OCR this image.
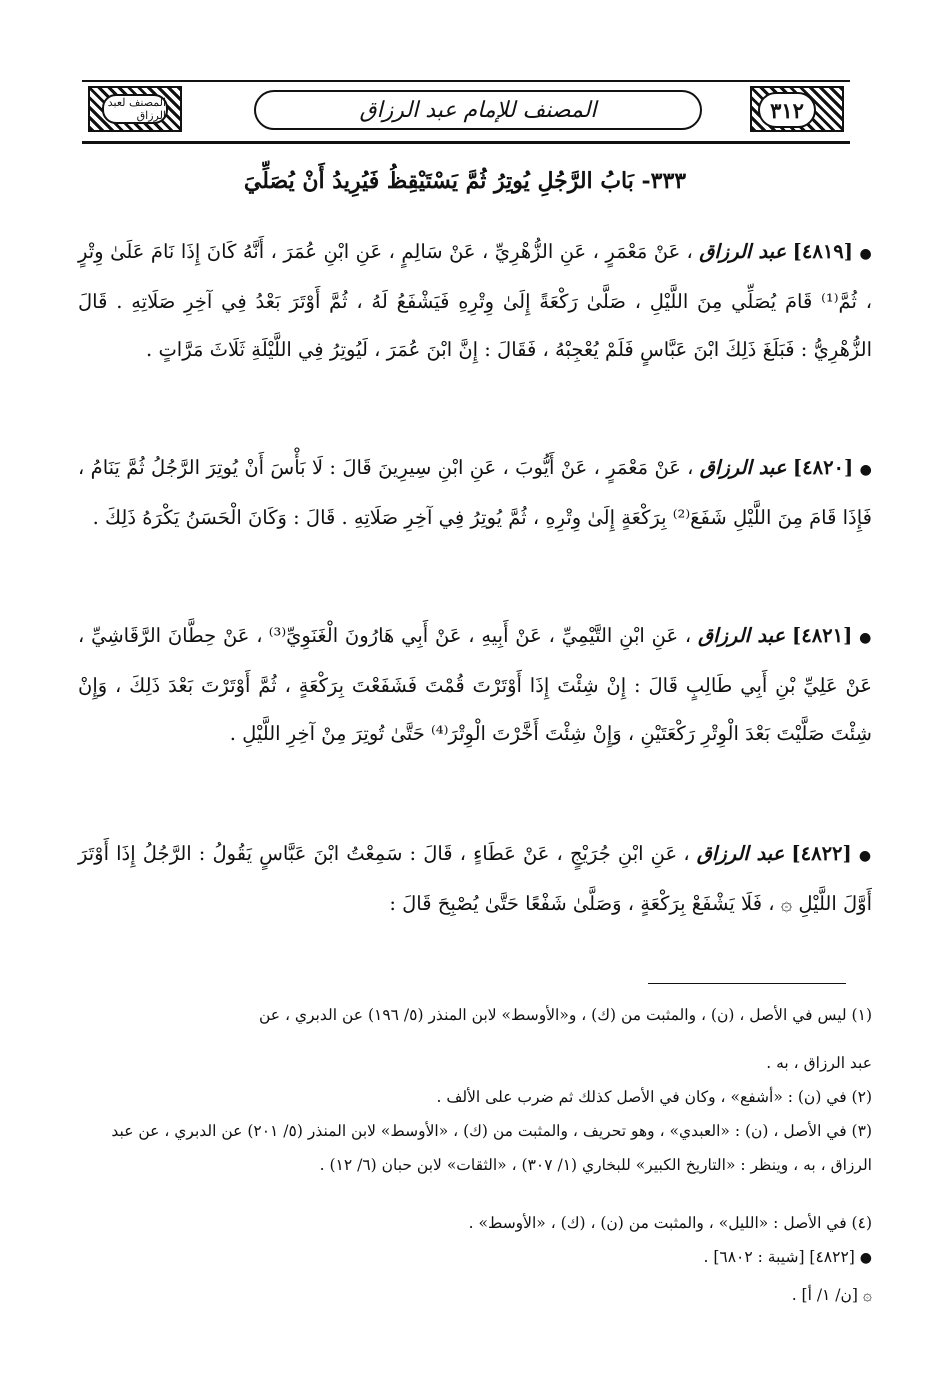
المصنف لعبد الرزاق	٣١٢
المصنف للإمام عبد الرزاق
٣٣٣- بَابُ الرَّجُلِ يُوتِرُ ثُمَّ يَسْتَيْقِظُ فَيُرِيدُ أَنْ يُصَلِّيَ
● [٤٨١٩] عبد الرزاق ، عَنْ مَعْمَرٍ ، عَنِ الزُّهْرِيِّ ، عَنْ سَالِمٍ ، عَنِ ابْنِ عُمَرَ ، أَنَّهُ كَانَ إِذَا نَامَ عَلَىٰ وِتْرٍ ، ثُمَّ⁽¹⁾ قَامَ يُصَلِّي مِنَ اللَّيْلِ ، صَلَّىٰ رَكْعَةً إِلَىٰ وِتْرِهِ فَيَشْفَعُ لَهُ ، ثُمَّ أَوْتَرَ بَعْدُ فِي آخِرِ صَلَاتِهِ . قَالَ الزُّهْرِيُّ : فَبَلَغَ ذَلِكَ ابْنَ عَبَّاسٍ فَلَمْ يُعْجِبْهُ ، فَقَالَ : إِنَّ ابْنَ عُمَرَ ، لَيُوتِرُ فِي اللَّيْلَةِ ثَلَاثَ مَرَّاتٍ .
● [٤٨٢٠] عبد الرزاق ، عَنْ مَعْمَرٍ ، عَنْ أَيُّوبَ ، عَنِ ابْنِ سِيرِينَ قَالَ : لَا بَأْسَ أَنْ يُوتِرَ الرَّجُلُ ثُمَّ يَنَامُ ، فَإِذَا قَامَ مِنَ اللَّيْلِ شَفَعَ⁽²⁾ بِرَكْعَةٍ إِلَىٰ وِتْرِهِ ، ثُمَّ يُوتِرُ فِي آخِرِ صَلَاتِهِ . قَالَ : وَكَانَ الْحَسَنُ يَكْرَهُ ذَلِكَ .
● [٤٨٢١] عبد الرزاق ، عَنِ ابْنِ التَّيْمِيِّ ، عَنْ أَبِيهِ ، عَنْ أَبِي هَارُونَ الْغَنَوِيِّ⁽³⁾ ، عَنْ حِطَّانَ الرَّقَاشِيِّ ، عَنْ عَلِيِّ بْنِ أَبِي طَالِبٍ قَالَ : إِنْ شِئْتَ إِذَا أَوْتَرْتَ قُمْتَ فَشَفَعْتَ بِرَكْعَةٍ ، ثُمَّ أَوْتَرْتَ بَعْدَ ذَلِكَ ، وَإِنْ شِئْتَ صَلَّيْتَ بَعْدَ الْوِتْرِ رَكْعَتَيْنِ ، وَإِنْ شِئْتَ أَخَّرْتَ الْوِتْرَ⁽⁴⁾ حَتَّىٰ تُوتِرَ مِنْ آخِرِ اللَّيْلِ .
● [٤٨٢٢] عبد الرزاق ، عَنِ ابْنِ جُرَيْجٍ ، عَنْ عَطَاءٍ ، قَالَ : سَمِعْتُ ابْنَ عَبَّاسٍ يَقُولُ : الرَّجُلُ إِذَا أَوْتَرَ أَوَّلَ اللَّيْلِ ۞ ، فَلَا يَشْفَعْ بِرَكْعَةٍ ، وَصَلَّىٰ شَفْعًا حَتَّىٰ يُصْبِحَ قَالَ :
(١) ليس في الأصل ، (ن) ، والمثبت من (ك) ، و«الأوسط» لابن المنذر (٥/ ١٩٦) عن الدبري ، عن
عبد الرزاق ، به .
(٢) في (ن) : «أشفع» ، وكان في الأصل كذلك ثم ضرب على الألف .
(٣) في الأصل ، (ن) : «العبدي» ، وهو تحريف ، والمثبت من (ك) ، «الأوسط» لابن المنذر (٥/ ٢٠١) عن الدبري ، عن عبد الرزاق ، به ، وينظر : «التاريخ الكبير» للبخاري (١/ ٣٠٧) ، «الثقات» لابن حبان (٦/ ١٢) .
(٤) في الأصل : «الليل» ، والمثبت من (ن) ، (ك) ، «الأوسط» .
● [٤٨٢٢] [شيبة : ٦٨٠٢] .
۞ [ن/ ١/ أ] .
